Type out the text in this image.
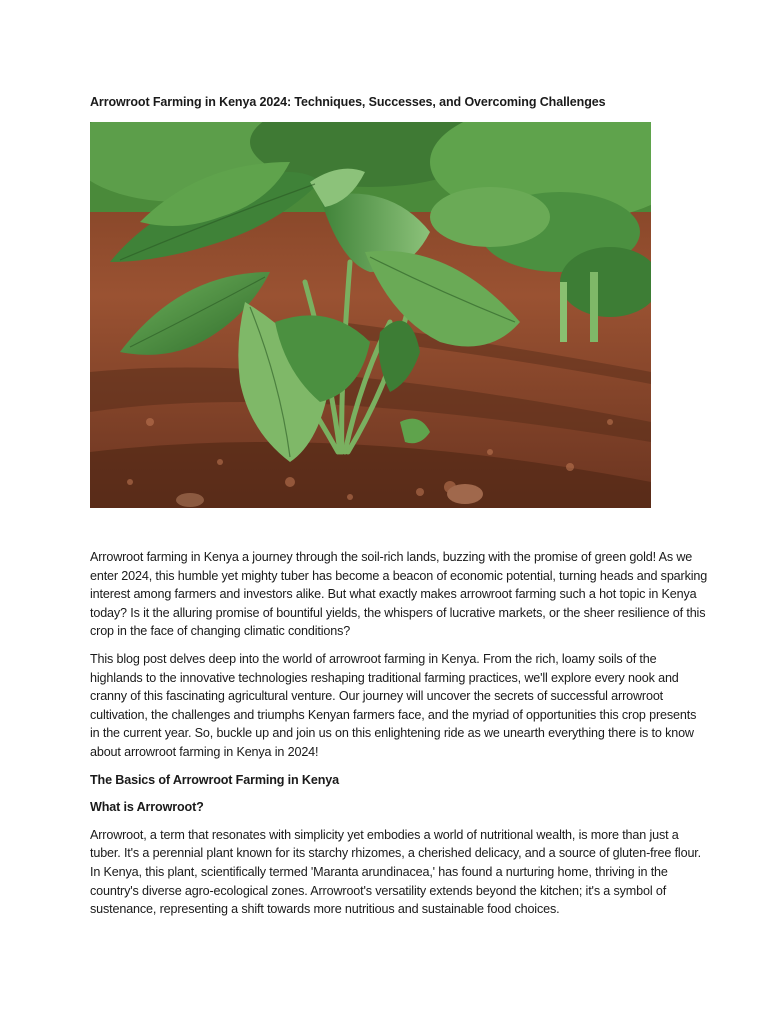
Arrowroot Farming in Kenya 2024: Techniques, Successes, and Overcoming Challenges

Arrowroot farming in Kenya a journey through the soil-rich lands, buzzing with the promise of green gold! As we enter 2024, this humble yet mighty tuber has become a beacon of economic potential, turning heads and sparking interest among farmers and investors alike. But what exactly makes arrowroot farming such a hot topic in Kenya today? Is it the alluring promise of bountiful yields, the whispers of lucrative markets, or the sheer resilience of this crop in the face of changing climatic conditions?

This blog post delves deep into the world of arrowroot farming in Kenya. From the rich, loamy soils of the highlands to the innovative technologies reshaping traditional farming practices, we'll explore every nook and cranny of this fascinating agricultural venture. Our journey will uncover the secrets of successful arrowroot cultivation, the challenges and triumphs Kenyan farmers face, and the myriad of opportunities this crop presents in the current year. So, buckle up and join us on this enlightening ride as we unearth everything there is to know about arrowroot farming in Kenya in 2024!

The Basics of Arrowroot Farming in Kenya
What is Arrowroot?

Arrowroot, a term that resonates with simplicity yet embodies a world of nutritional wealth, is more than just a tuber. It's a perennial plant known for its starchy rhizomes, a cherished delicacy, and a source of gluten-free flour. In Kenya, this plant, scientifically termed 'Maranta arundinacea,' has found a nurturing home, thriving in the country's diverse agro-ecological zones. Arrowroot's versatility extends beyond the kitchen; it's a symbol of sustenance, representing a shift towards more nutritious and sustainable food choices.
